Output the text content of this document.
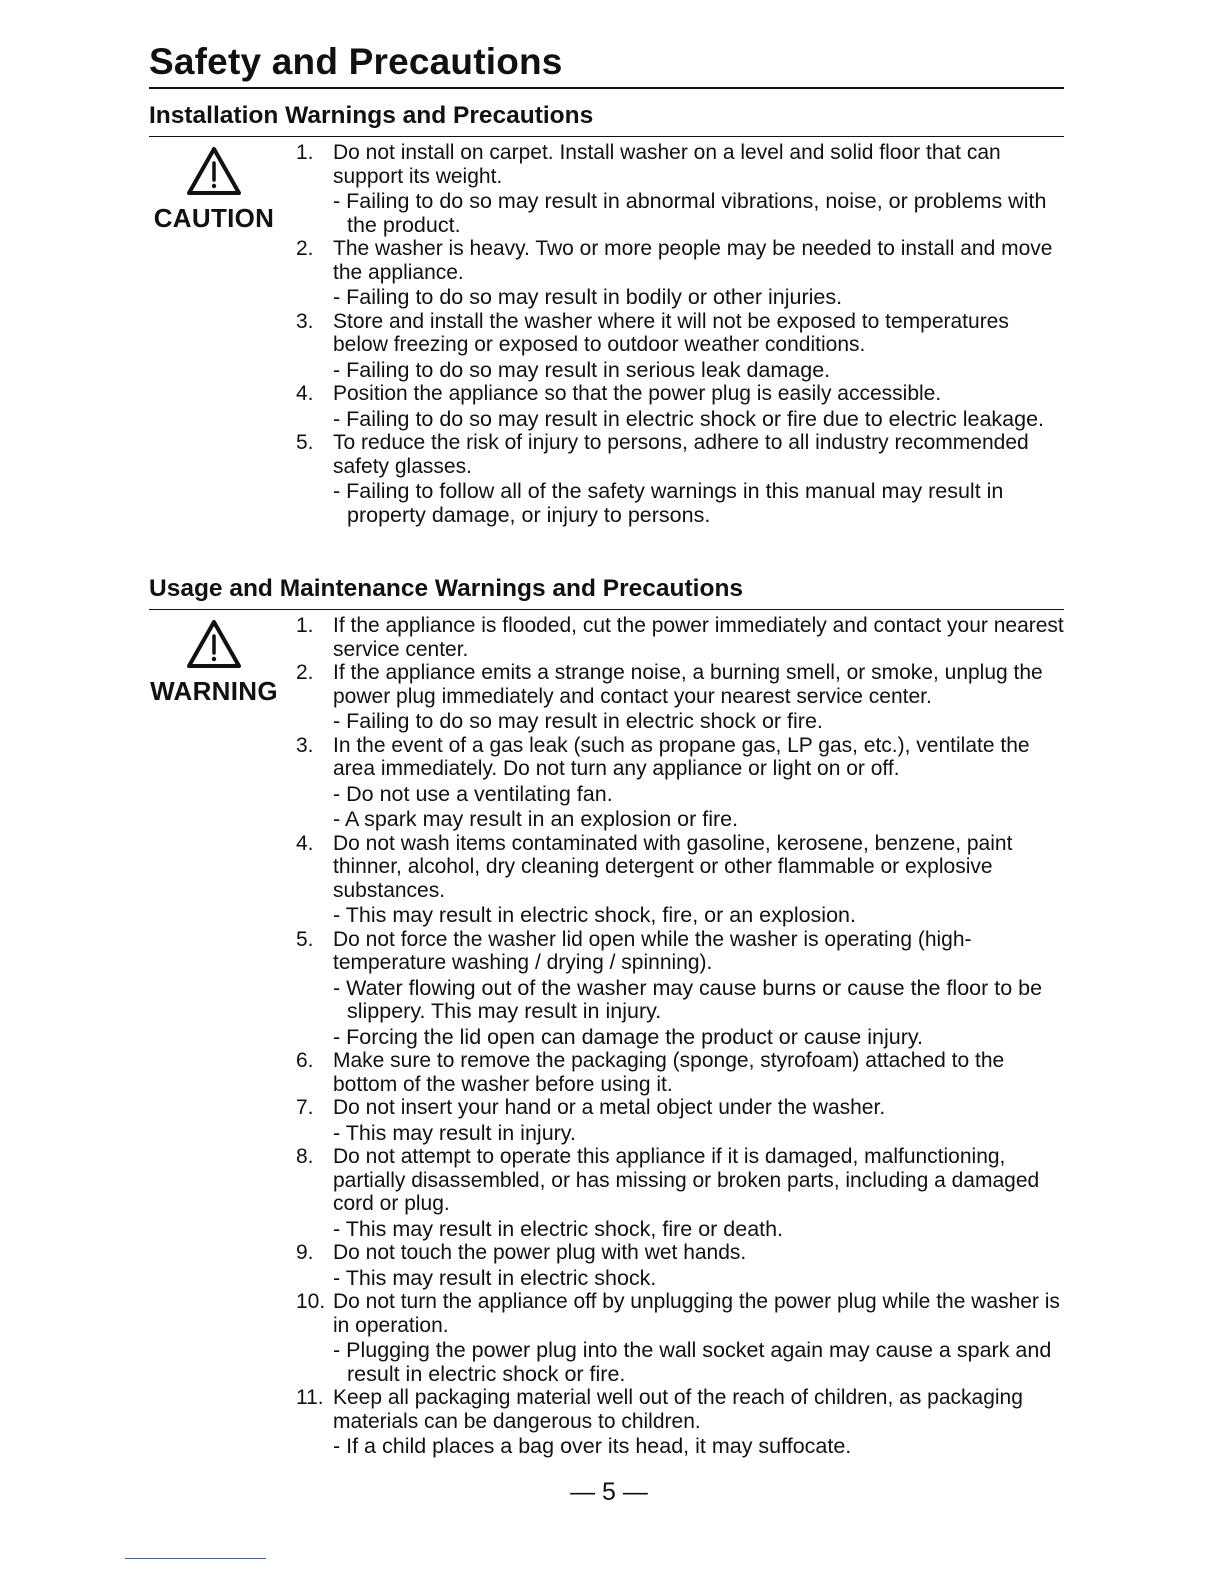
Safety and Precautions
Installation Warnings and Precautions
CAUTION
1. Do not install on carpet. Install washer on a level and solid floor that can support its weight.
- Failing to do so may result in abnormal vibrations, noise, or problems with the product.
2. The washer is heavy. Two or more people may be needed to install and move the appliance.
- Failing to do so may result in bodily or other injuries.
3. Store and install the washer where it will not be exposed to temperatures below freezing or exposed to outdoor weather conditions.
- Failing to do so may result in serious leak damage.
4. Position the appliance so that the power plug is easily accessible.
- Failing to do so may result in electric shock or fire due to electric leakage.
5. To reduce the risk of injury to persons, adhere to all industry recommended safety glasses.
- Failing to follow all of the safety warnings in this manual may result in property damage, or injury to persons.
Usage and Maintenance Warnings and Precautions
WARNING
1. If the appliance is flooded, cut the power immediately and contact your nearest service center.
2. If the appliance emits a strange noise, a burning smell, or smoke, unplug the power plug immediately and contact your nearest service center.
- Failing to do so may result in electric shock or fire.
3. In the event of a gas leak (such as propane gas, LP gas, etc.), ventilate the area immediately. Do not turn any appliance or light on or off.
- Do not use a ventilating fan.
- A spark may result in an explosion or fire.
4. Do not wash items contaminated with gasoline, kerosene, benzene, paint thinner, alcohol, dry cleaning detergent or other flammable or explosive substances.
- This may result in electric shock, fire, or an explosion.
5. Do not force the washer lid open while the washer is operating (high-temperature washing / drying / spinning).
- Water flowing out of the washer may cause burns or cause the floor to be slippery. This may result in injury.
- Forcing the lid open can damage the product or cause injury.
6. Make sure to remove the packaging (sponge, styrofoam) attached to the bottom of the washer before using it.
7. Do not insert your hand or a metal object under the washer.
- This may result in injury.
8. Do not attempt to operate this appliance if it is damaged, malfunctioning, partially disassembled, or has missing or broken parts, including a damaged cord or plug.
- This may result in electric shock, fire or death.
9. Do not touch the power plug with wet hands.
- This may result in electric shock.
10. Do not turn the appliance off by unplugging the power plug while the washer is in operation.
- Plugging the power plug into the wall socket again may cause a spark and result in electric shock or fire.
11. Keep all packaging material well out of the reach of children, as packaging materials can be dangerous to children.
- If a child places a bag over its head, it may suffocate.
— 5 —
